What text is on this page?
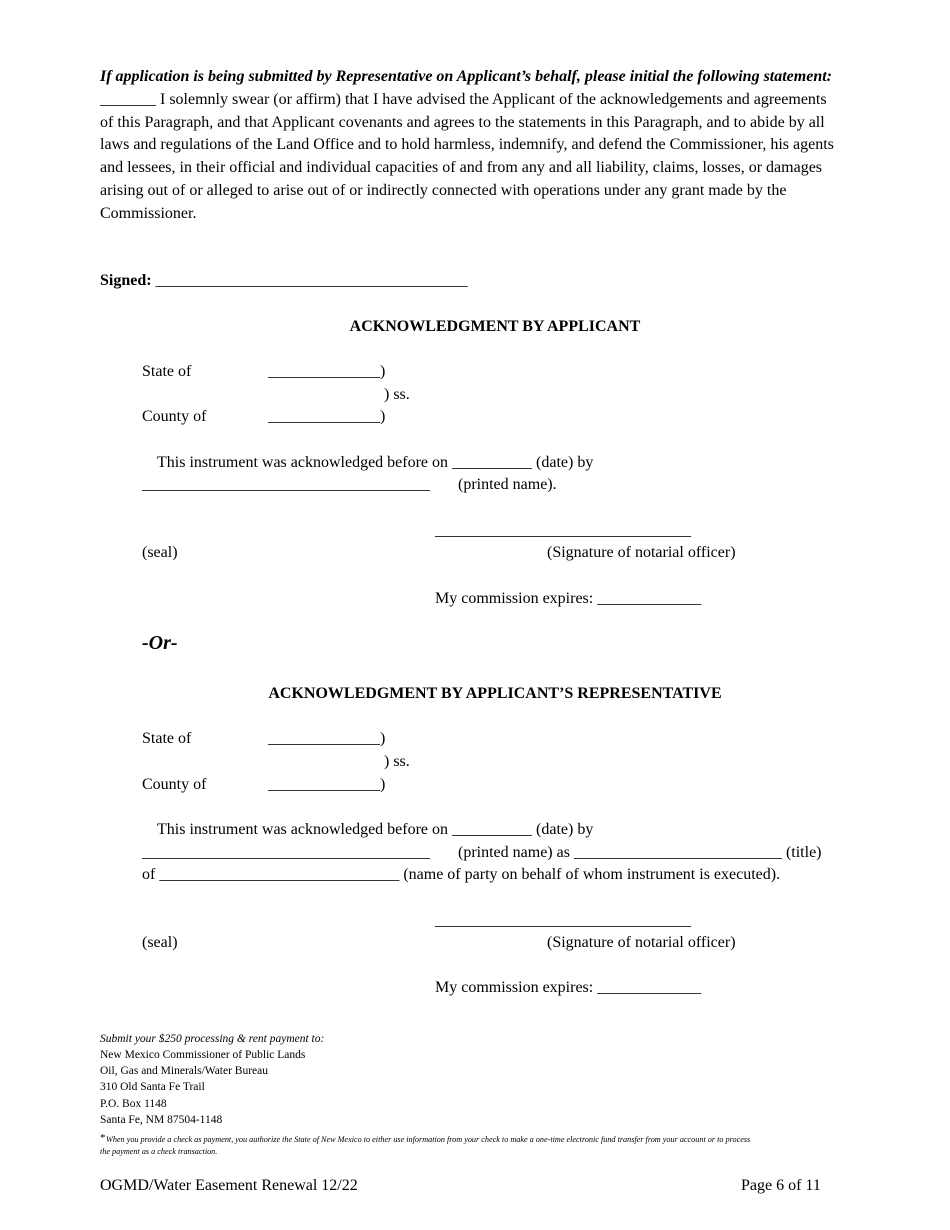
If application is being submitted by Representative on Applicant’s behalf, please initial the following statement:
_______ I solemnly swear (or affirm) that I have advised the Applicant of the acknowledgements and agreements of this Paragraph, and that Applicant covenants and agrees to the statements in this Paragraph, and to abide by all laws and regulations of the Land Office and to hold harmless, indemnify, and defend the Commissioner, his agents and lessees, in their official and individual capacities of and from any and all liability, claims, losses, or damages arising out of or alleged to arise out of or indirectly connected with operations under any grant made by the Commissioner.
Signed: _______________________________________
ACKNOWLEDGMENT BY APPLICANT
State of	______________)
) ss.
County of	______________)
This instrument was acknowledged before on __________ (date) by
____________________________________ (printed name).
________________________________
(seal)	(Signature of notarial officer)
My commission expires: _____________
-Or-
ACKNOWLEDGMENT BY APPLICANT’S REPRESENTATIVE
State of	______________)
) ss.
County of	______________)
This instrument was acknowledged before on __________ (date) by
____________________________________ (printed name) as __________________________ (title)
of ______________________________ (name of party on behalf of whom instrument is executed).
________________________________
(seal)	(Signature of notarial officer)
My commission expires: _____________
Submit your $250 processing & rent payment to:
New Mexico Commissioner of Public Lands
Oil, Gas and Minerals/Water Bureau
310 Old Santa Fe Trail
P.O. Box 1148
Santa Fe, NM 87504-1148
* When you provide a check as payment, you authorize the State of New Mexico to either use information from your check to make a one-time electronic fund transfer from your account or to process
the payment as a check transaction.
OGMD/Water Easement Renewal 12/22	Page 6 of 11
